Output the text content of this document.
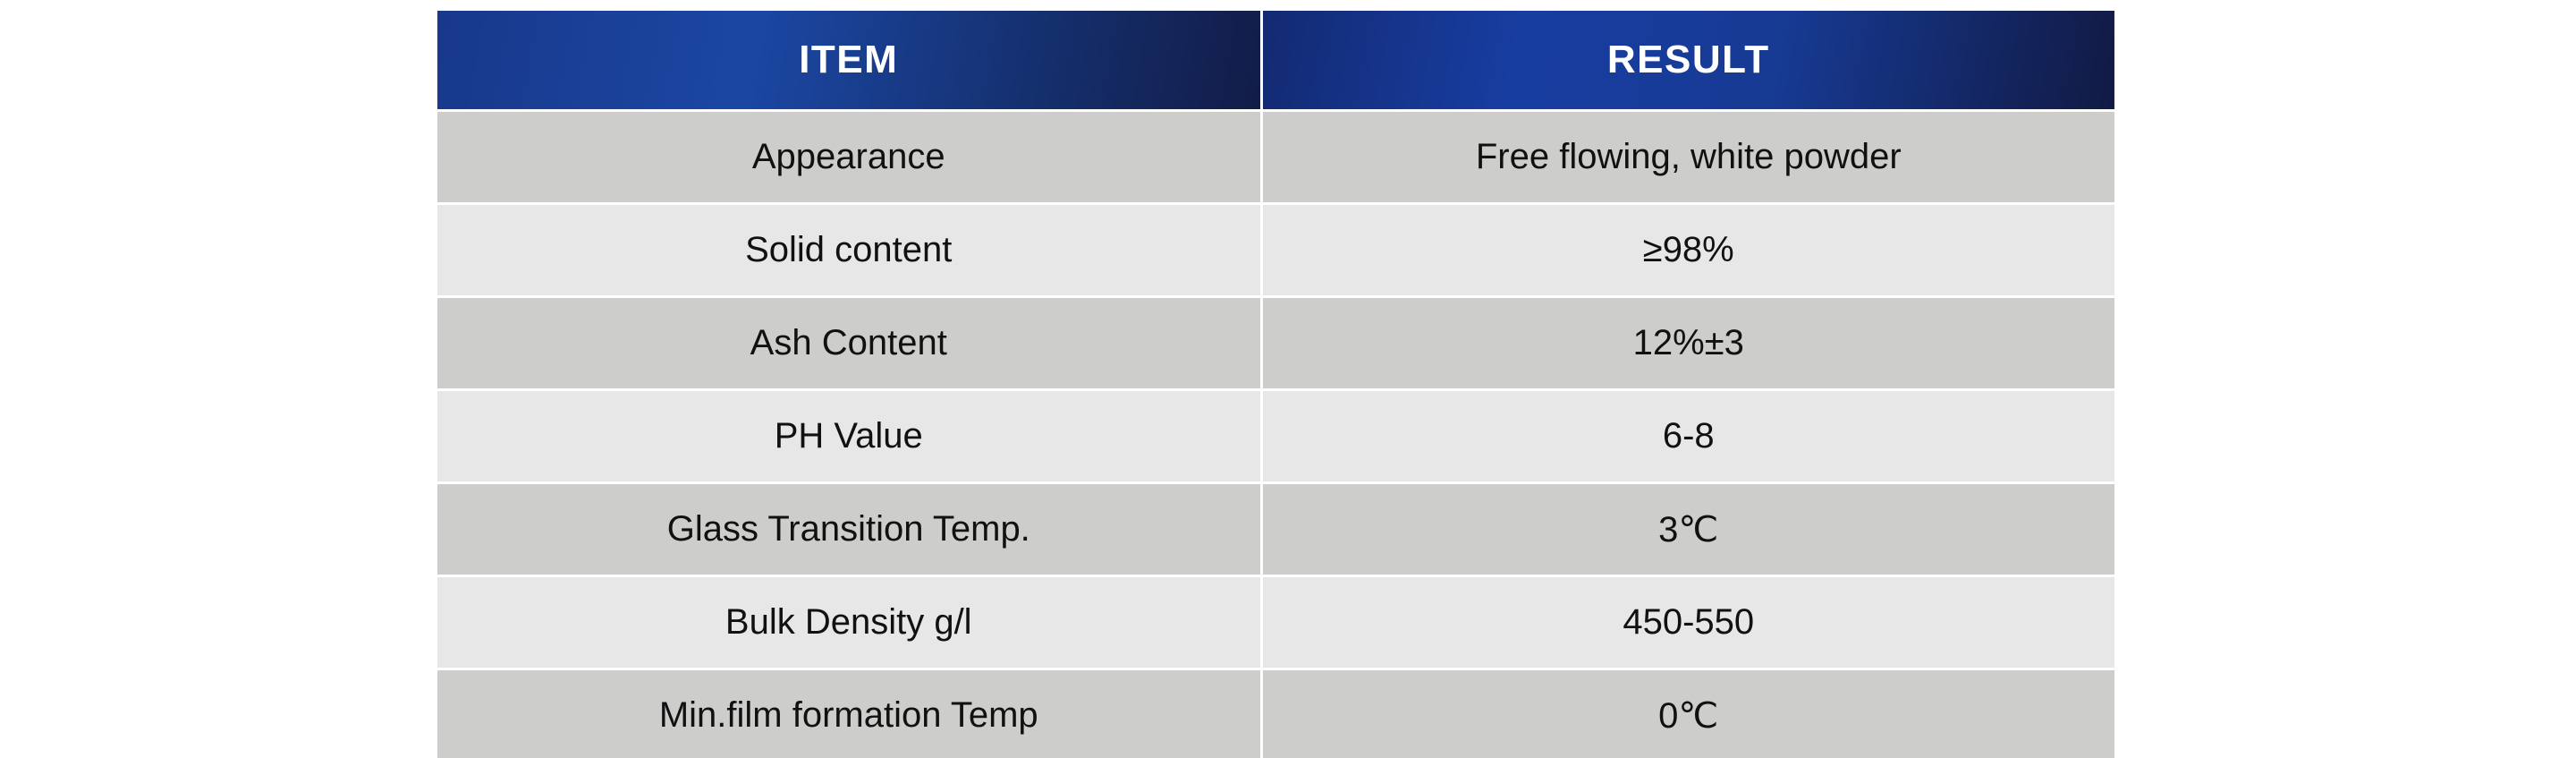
ITEM	RESULT
Appearance	Free flowing, white powder
Solid content	≥98%
Ash Content	12%±3
PH Value	6-8
Glass Transition Temp.	3℃
Bulk Density g/l	450-550
Min.film formation Temp	0℃
